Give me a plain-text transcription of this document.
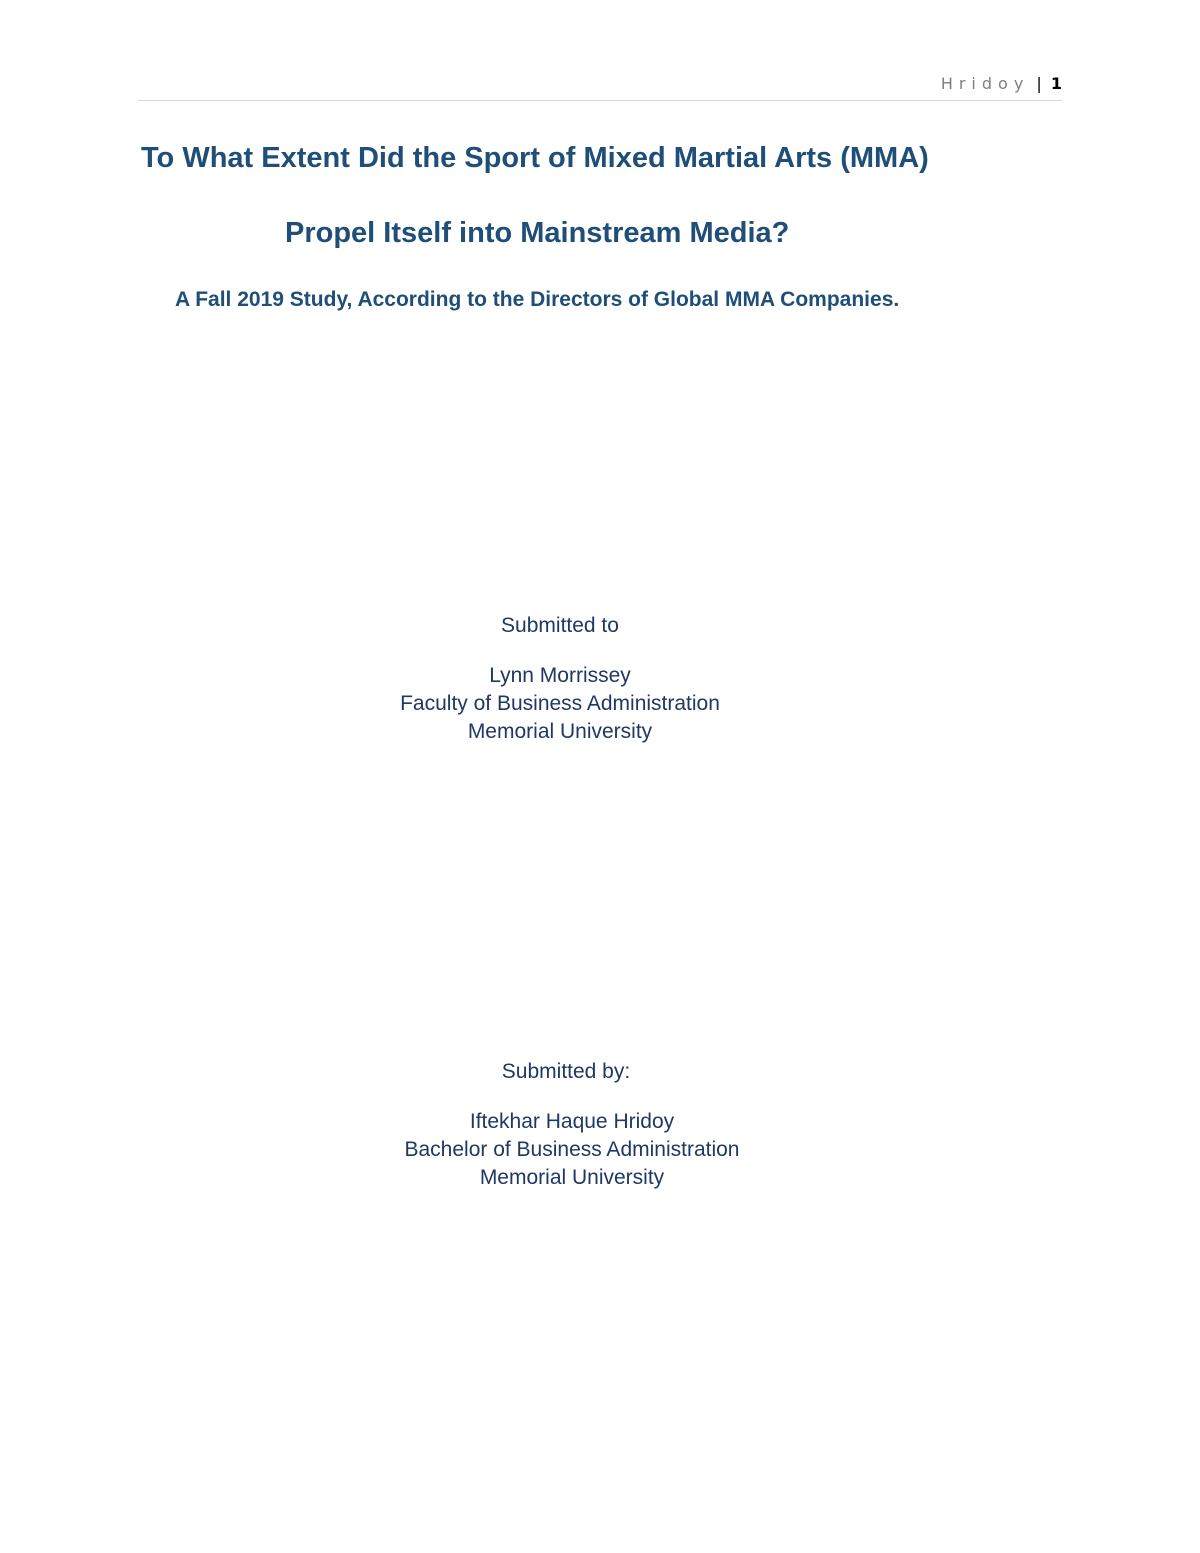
Hridoy | 1
To What Extent Did the Sport of Mixed Martial Arts (MMA)
Propel Itself into Mainstream Media?
A Fall 2019 Study, According to the Directors of Global MMA Companies.
Submitted to
Lynn Morrissey
Faculty of Business Administration
Memorial University
Submitted by:
Iftekhar Haque Hridoy
Bachelor of Business Administration
Memorial University
